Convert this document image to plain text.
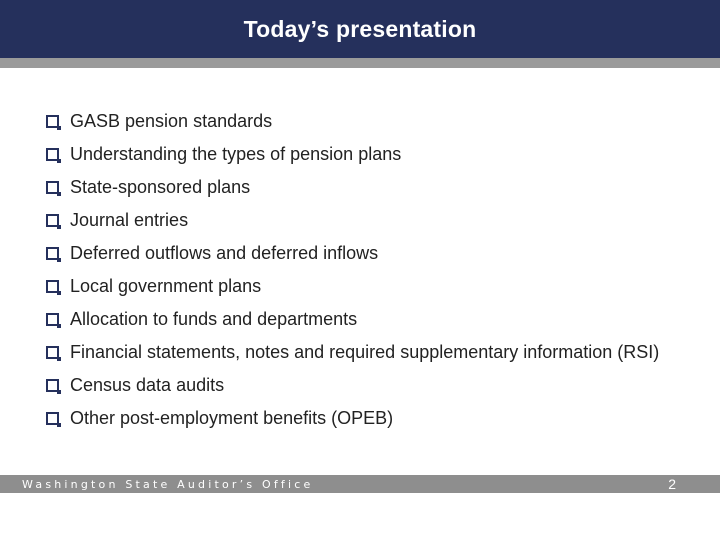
Today’s presentation
GASB pension standards
Understanding the types of pension plans
State-sponsored plans
Journal entries
Deferred outflows and deferred inflows
Local government plans
Allocation to funds and departments
Financial statements, notes and required supplementary information (RSI)
Census data audits
Other post-employment benefits (OPEB)
Washington State Auditor’s Office	2
